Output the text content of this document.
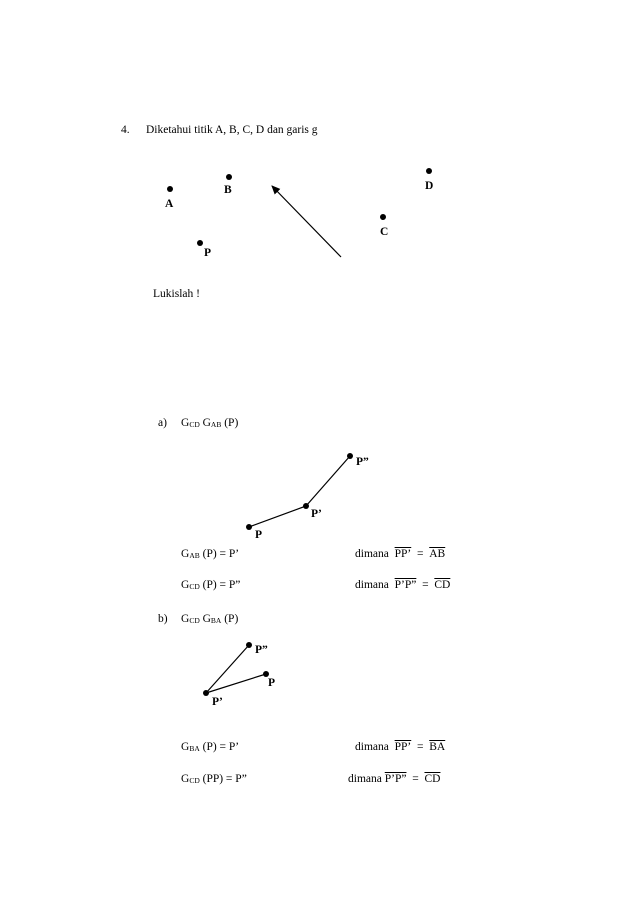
4. Diketahui titik A, B, C, D dan garis g
A
B	D
C
P
Lukislah !
a) $G_{CD}$ $G_{AB}$ (P)
P”
P’
P
$G_{AB}$ (P) = P’	dimana PP’ = $\overline{AB}$
$G_{CD}$ (P) = P”	dimana P’P” = $\overline{CD}$
b) $G_{CD}$ $G_{BA}$ (P)
P”
P
P’
$G_{BA}$ (P) = P’	dimana PP’ = $\overline{BA}$
$G_{CD}$ (PP) = P”	dimana P’P” = $\overline{CD}$
